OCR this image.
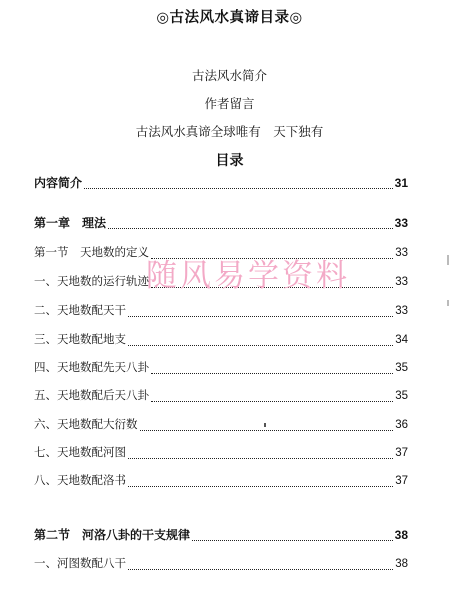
◎古法风水真谛目录◎
古法风水简介
作者留言
古法风水真谛全球唯有　天下独有
目录
内容简介	31
第一章　理法	33
第一节　天地数的定义	33
一、天地数的运行轨迹	33
二、天地数配天干	33
三、天地数配地支	34
四、天地数配先天八卦	35
五、天地数配后天八卦	35
六、天地数配大衍数	36
七、天地数配河图	37
八、天地数配洛书	37
第二节　河洛八卦的干支规律	38
一、河图数配八干	38
随风易学资料
